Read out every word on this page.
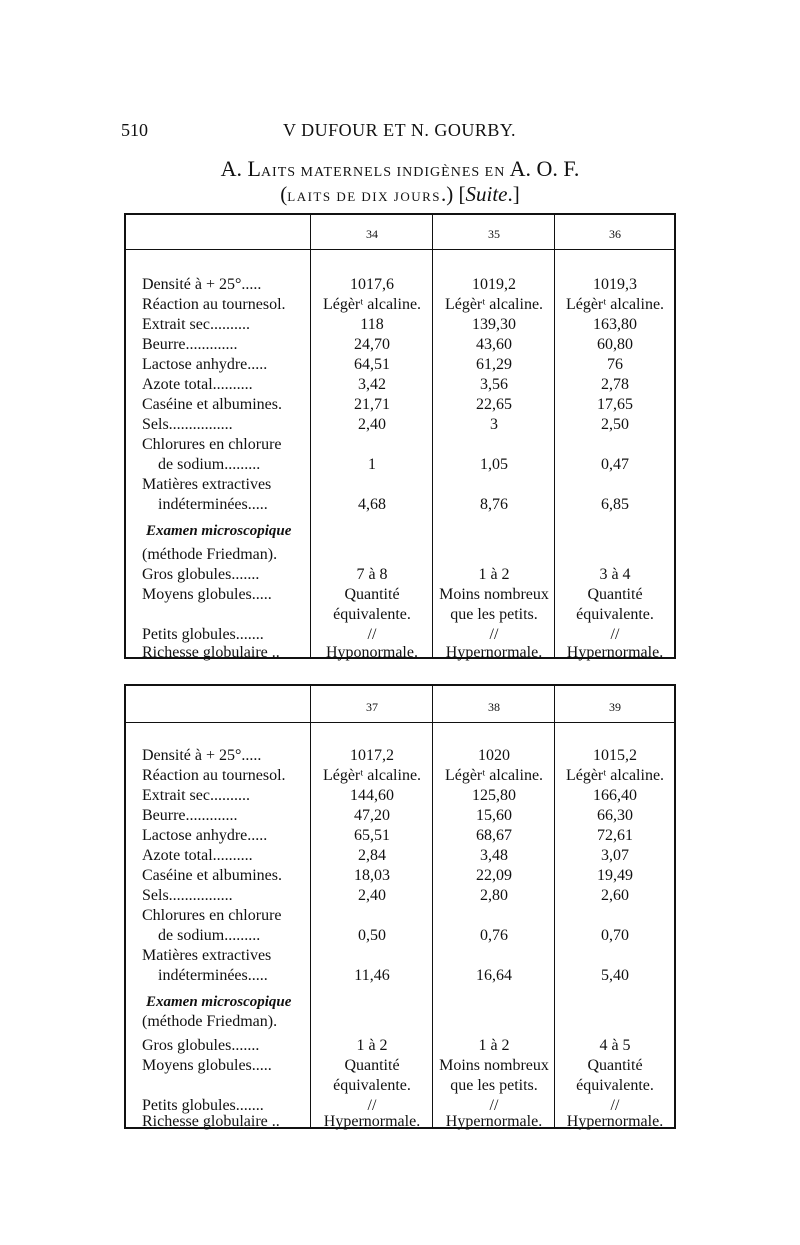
510	V DUFOUR ET N. GOURBY.
A. LAITS MATERNELS INDIGÈNES EN A. O. F.
(LAITS DE DIX JOURS.) [Suite.]
34	35	36
Densité à + 25°.....	1017,6	1019,2	1019,3
Réaction au tournesol.	Légèrᵗ alcaline.	Légèrᵗ alcaline.	Légèrᵗ alcaline.
Extrait sec..........	118	139,30	163,80
Beurre.............	24,70	43,60	60,80
Lactose anhydre.....	64,51	61,29	76
Azote total..........	3,42	3,56	2,78
Caséine et albumines.	21,71	22,65	17,65
Sels................	2,40	3	2,50
Chlorures en chlorure
de sodium.........	1	1,05	0,47
Matières extractives
indéterminées.....	4,68	8,76	6,85
Examen microscopique
(méthode Friedman).
Gros globules.......	7 à 8	1 à 2	3 à 4
Moyens globules.....	Quantité	Moins nombreux	Quantité
équivalente.	que les petits.	équivalente.
Petits globules.......	//	//	//
Richesse globulaire ..	Hyponormale.	Hypernormale.	Hypernormale.
37	38	39
Densité à + 25°.....	1017,2	1020	1015,2
Réaction au tournesol.	Légèrᵗ alcaline.	Légèrᵗ alcaline.	Légèrᵗ alcaline.
Extrait sec..........	144,60	125,80	166,40
Beurre.............	47,20	15,60	66,30
Lactose anhydre.....	65,51	68,67	72,61
Azote total..........	2,84	3,48	3,07
Caséine et albumines.	18,03	22,09	19,49
Sels................	2,40	2,80	2,60
Chlorures en chlorure
de sodium.........	0,50	0,76	0,70
Matières extractives
indéterminées.....	11,46	16,64	5,40
Examen microscopique
(méthode Friedman).
Gros globules.......	1 à 2	1 à 2	4 à 5
Moyens globules.....	Quantité	Moins nombreux	Quantité
équivalente.	que les petits.	équivalente.
Petits globules.......	//	//	//
Richesse globulaire ..	Hypernormale.	Hypernormale.	Hypernormale.
